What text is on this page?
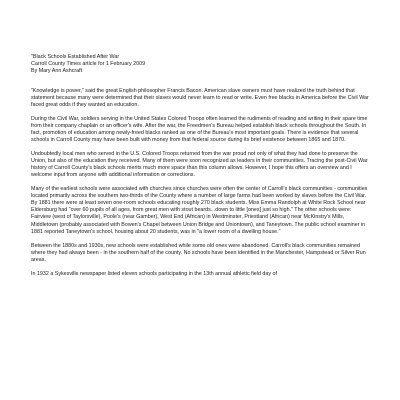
"Black Schools Established After War

Carroll County Times article for 1 February 2009

By Mary Ann Ashcraft

"Knowledge is power," said the great English philosopher Francis Bacon. American slave owners must have realized the truth behind that statement because many were determined that their slaves would never learn to read or write. Even free blacks in America before the Civil War faced great odds if they wanted an education.

During the Civil War, soldiers serving in the United States Colored Troops often learned the rudiments of reading and writing in their spare time from their company chaplain or an officer's wife. After the war, the Freedmen's Bureau helped establish black schools throughout the South. In fact, promotion of education among newly-freed blacks ranked as one of the Bureau's most important goals. There is evidence that several schools in Carroll County may have been built with money from that federal source during its brief existence between 1865 and 1870.

Undoubtedly local men who served in the U.S. Colored Troops returned from the war proud not only of what they had done to preserve the Union, but also of the education they received. Many of them were soon recognized as leaders in their communities. Tracing the post-Civil War history of Carroll County's black schools merits much more space than this column allows. However, I hope this offers an overview and I welcome input from anyone with additional information or corrections.

Many of the earliest schools were associated with churches since churches were often the center of Carroll's black communities - communities located primarily across the southern two-thirds of the County where a number of large farms had been worked by slaves before the Civil War. By 1881 there were at least seven one-room schools educating roughly 270 black students. Miss Emma Randolph at White Rock School near Eldersburg had "over 60 pupils of all ages, from great men with stout beards...down to little [ones] just so high." The other schools were: Fairview (west of Taylorsville), Poole's (near Gamber), West End (African) in Westminster, Priestland (African) near McKinstry's Mills, Middletown (probably associated with Bowen's Chapel between Union Bridge and Uniontown), and Taneytown. The public school examiner in 1881 reported Taneytown's school, housing about 20 students, was in "a lower room of a dwelling house."

Between the 1880s and 1930s, new schools were established while some old ones were abandoned. Carroll's black communities remained where they had always been - in the southern half of the county. No schools have been identified in the Manchester, Hampstead or Silver Run areas.

In 1932 a Sykesville newspaper listed eleven schools participating in the 13th annual athletic field day of
